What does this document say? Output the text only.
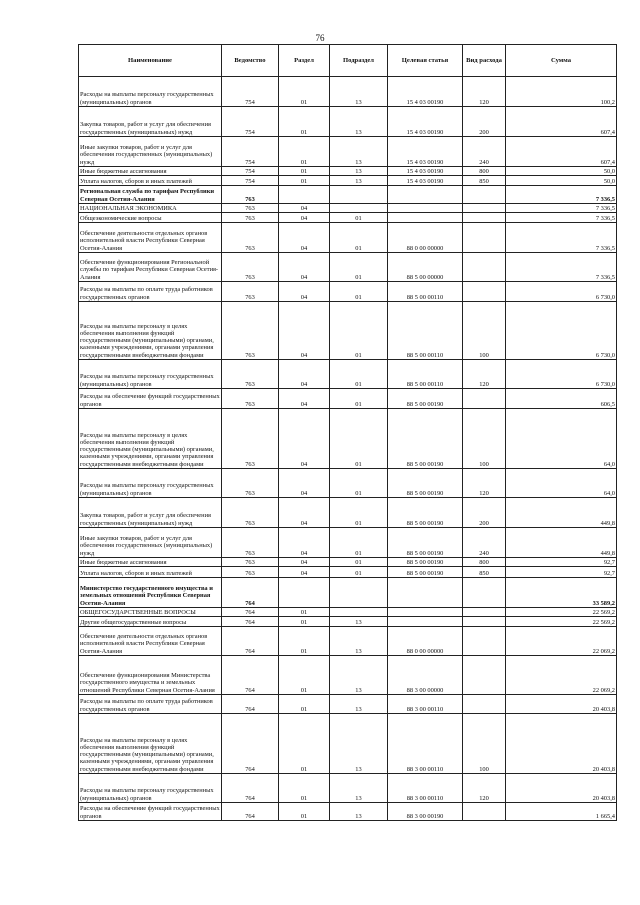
76
Наименование	Ведомство	Раздел	Подраздел	Целевая статья	Вид расхода	Сумма
Расходы на выплаты персоналу государственных (муниципальных) органов	754	01	13	15 4 03 00190	120	100,2
Закупка товаров, работ и услуг для обеспечения государственных (муниципальных) нужд	754	01	13	15 4 03 00190	200	607,4
Иные закупки товаров, работ и услуг для обеспечения государственных (муниципальных) нужд	754	01	13	15 4 03 00190	240	607,4
Иные бюджетные ассигнования	754	01	13	15 4 03 00190	800	50,0
Уплата налогов, сборов и иных платежей	754	01	13	15 4 03 00190	850	50,0
Региональная служба по тарифам Республики Северная Осетия-Алания	763					7 336,5
НАЦИОНАЛЬНАЯ ЭКОНОМИКА	763	04				7 336,5
Общеэкономические вопросы	763	04	01			7 336,5
Обеспечение деятельности отдельных органов исполнительной власти Республики Северная Осетия-Алания	763	04	01	88 0 00 00000		7 336,5
Обеспечение функционирования Региональной службы по тарифам Республики Северная Осетия-Алания	763	04	01	88 5 00 00000		7 336,5
Расходы на выплаты по оплате труда работников государственных органов	763	04	01	88 5 00 00110		6 730,0
Расходы на выплаты персоналу в целях обеспечения выполнения функций государственными (муниципальными) органами, казенными учреждениями, органами управления государственными внебюджетными фондами	763	04	01	88 5 00 00110	100	6 730,0
Расходы на выплаты персоналу государственных (муниципальных) органов	763	04	01	88 5 00 00110	120	6 730,0
Расходы на обеспечение функций государственных органов	763	04	01	88 5 00 00190		606,5
Расходы на выплаты персоналу в целях обеспечения выполнения функций государственными (муниципальными) органами, казенными учреждениями, органами управления государственными внебюджетными фондами	763	04	01	88 5 00 00190	100	64,0
Расходы на выплаты персоналу государственных (муниципальных) органов	763	04	01	88 5 00 00190	120	64,0
Закупка товаров, работ и услуг для обеспечения государственных (муниципальных) нужд	763	04	01	88 5 00 00190	200	449,8
Иные закупки товаров, работ и услуг для обеспечения государственных (муниципальных) нужд	763	04	01	88 5 00 00190	240	449,8
Иные бюджетные ассигнования	763	04	01	88 5 00 00190	800	92,7
Уплата налогов, сборов и иных платежей	763	04	01	88 5 00 00190	850	92,7
Министерство государственного имущества и земельных отношений Республики Северная Осетия-Алания	764					33 589,2
ОБЩЕГОСУДАРСТВЕННЫЕ ВОПРОСЫ	764	01				22 569,2
Другие общегосударственные вопросы	764	01	13			22 569,2
Обеспечение деятельности отдельных органов исполнительной власти Республики Северная Осетия-Алания	764	01	13	88 0 00 00000		22 069,2
Обеспечение функционирования Министерства государственного имущества и земельных отношений Республики Северная Осетия-Алания	764	01	13	88 3 00 00000		22 069,2
Расходы на выплаты по оплате труда работников государственных органов	764	01	13	88 3 00 00110		20 403,8
Расходы на выплаты персоналу в целях обеспечения выполнения функций государственными (муниципальными) органами, казенными учреждениями, органами управления государственными внебюджетными фондами	764	01	13	88 3 00 00110	100	20 403,8
Расходы на выплаты персоналу государственных (муниципальных) органов	764	01	13	88 3 00 00110	120	20 403,8
Расходы на обеспечение функций государственных органов	764	01	13	88 3 00 00190		1 665,4
